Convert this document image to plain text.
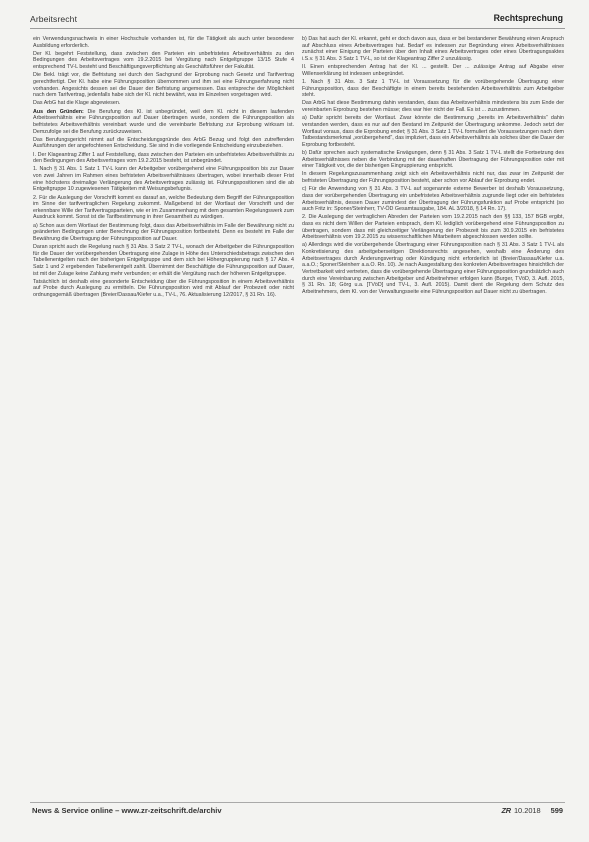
Arbeitsrecht	Rechtsprechung

ein Verwendungsnachweis in einer Hochschule vorhanden ist, für die Tätigkeit als auch unter besonderer Ausbildung erforderlich.

Der Kl. begehrt Feststellung, dass zwischen den Parteien ein unbefristetes Arbeitsverhältnis zu den Bedingungen des Arbeitsvertrages vom 19.2.2015 bei Vergütung nach Entgeltgruppe 13/15 Stufe 4 entsprechend TV-L besteht und Beschäftigungsverpflichtung als Geschäftsführer der Fakultät.

Die Bekl. trägt vor, die Befristung sei durch den Sachgrund der Erprobung nach Gesetz und Tarifvertrag gerechtfertigt. Der Kl. habe eine Führungsposition übernommen und ihm sei eine Führungserfahrung nicht vorhanden. Angesichts dessen sei die Dauer der Befristung angemessen. Das entspreche der Möglichkeit nach dem Tarifvertrag, jedenfalls habe sich der Kl. nicht bewährt, was im Einzelnen vorgetragen wird.

Das ArbG hat die Klage abgewiesen.

Aus den Gründen: Die Berufung des Kl. ist unbegründet, weil dem Kl. nicht in diesem laufenden Arbeitsverhältnis eine Führungsposition auf Dauer übertragen wurde, sondern die Führungsposition als befristetes Arbeitsverhältnis vereinbart wurde und die vereinbarte Befristung zur Erprobung wirksam ist. Demzufolge sei die Berufung zurückzuweisen.

Das Berufungsgericht nimmt auf die Entscheidungsgründe des ArbG Bezug und folgt den zutreffenden Ausführungen der angefochtenen Entscheidung. Sie sind in die vorliegende Entscheidung einzubeziehen.

I. Der Klageantrag Ziffer 1 auf Feststellung, dass zwischen den Parteien ein unbefristetes Arbeitsverhältnis zu den Bedingungen des Arbeitsvertrages vom 19.2.2015 besteht, ist unbegründet.

1. Nach § 31 Abs. 1 Satz 1 TV-L kann der Arbeitgeber vorübergehend eine Führungsposition bis zur Dauer von zwei Jahren im Rahmen eines befristeten Arbeitsverhältnisses übertragen, wobei innerhalb dieser Frist eine höchstens dreimalige Verlängerung des Arbeitsvertrages zulässig ist. Führungspositionen sind die ab Entgeltgruppe 10 zugewiesenen Tätigkeiten mit Weisungsbefugnis.

2. Für die Auslegung der Vorschrift kommt es darauf an, welche Bedeutung dem Begriff der Führungsposition im Sinne der tarifvertraglichen Regelung zukommt. Maßgebend ist der Wortlaut der Vorschrift und der erkennbare Wille der Tarifvertragsparteien, wie er im Zusammenhang mit dem gesamten Regelungswerk zum Ausdruck kommt. Sonst ist die Tarifbestimmung in ihrer Gesamtheit zu würdigen.

a) Schon aus dem Wortlaut der Bestimmung folgt, dass das Arbeitsverhältnis im Falle der Bewährung nicht zu geänderten Bedingungen unter Berechnung der Führungsposition fortbesteht. Denn es besteht im Falle der Bewährung die Übertragung der Führungsposition auf Dauer.

Daran spricht auch die Regelung nach § 31 Abs. 3 Satz 2 TV-L, wonach der Arbeitgeber die Führungsposition für die Dauer der vorübergehenden Übertragung eine Zulage in Höhe des Unterschiedsbetrags zwischen den Tabellenentgelten nach der bisherigen Entgeltgruppe und dem sich bei Höhergruppierung nach § 17 Abs. 4 Satz 1 und 2 ergebenden Tabellenentgelt zahlt. Übernimmt der Beschäftigte die Führungsposition auf Dauer, ist mit der Zulage keine Zahlung mehr verbunden; er erhält die Vergütung nach der höheren Entgeltgruppe.

Tatsächlich ist deshalb eine gesonderte Entscheidung über die Führungsposition in einem Arbeitsverhältnis auf Probe durch Auslegung zu ermitteln. Die Führungsposition wird mit Ablauf der Probezeit oder nicht ordnungsgemäß übertragen (Breier/Dassau/Kiefer u.a., TV-L, 76. Aktualisierung 12/2017, § 31 Rn. 16).

b) Das hat auch der Kl. erkannt, geht er doch davon aus, dass er bei bestandener Bewährung einen Anspruch auf Abschluss eines Arbeitsvertrages hat. Bedarf es indessen zur Begründung eines Arbeitsverhältnisses zunächst einer Einigung der Parteien über den Inhalt eines Arbeitsvertrages oder eines Übertragungsaktes i.S.v. § 31 Abs. 3 Satz 1 TV-L, so ist der Klageantrag Ziffer 2 unzulässig.

II. Einen entsprechenden Antrag hat der Kl. ... gestellt. Der ... zulässige Antrag auf Abgabe einer Willenserklärung ist indessen unbegründet.

1. Nach § 31 Abs. 3 Satz 1 TV-L ist Voraussetzung für die vorübergehende Übertragung einer Führungsposition, dass der Beschäftigte in einem bereits bestehenden Arbeitsverhältnis zum Arbeitgeber steht.

Das ArbG hat diese Bestimmung dahin verstanden, dass das Arbeitsverhältnis mindestens bis zum Ende der vereinbarten Erprobung bestehen müsse; dies war hier nicht der Fall. Es ist ... zuzustimmen.

a) Dafür spricht bereits der Wortlaut. Zwar könnte die Bestimmung „bereits im Arbeitsverhältnis“ dahin verstanden werden, dass es nur auf den Bestand im Zeitpunkt der Übertragung ankomme. Jedoch setzt der Wortlaut voraus, dass die Erprobung endet; § 31 Abs. 3 Satz 1 TV-L formuliert die Voraussetzungen nach dem Tatbestandsmerkmal „vorübergehend“, das impliziert, dass ein Arbeitsverhältnis als solches über die Dauer der Erprobung fortbesteht.

b) Dafür sprechen auch systematische Erwägungen, denn § 31 Abs. 3 Satz 1 TV-L stellt die Fortsetzung des Arbeitsverhältnisses neben die Verbindung mit der dauerhaften Übertragung der Führungsposition oder mit einer Tätigkeit vor, die der bisherigen Eingruppierung entspricht.

In diesem Regelungszusammenhang zeigt sich ein Arbeitsverhältnis nicht nur, das zwar im Zeitpunkt der befristeten Übertragung der Führungsposition besteht, aber schon vor Ablauf der Erprobung endet.

c) Für die Anwendung von § 31 Abs. 3 TV-L auf sogenannte externe Bewerber ist deshalb Voraussetzung, dass der vorübergehenden Übertragung ein unbefristetes Arbeitsverhältnis zugrunde liegt oder ein befristetes Arbeitsverhältnis, dessen Dauer zumindest der Übertragung der Führungsfunktion auf Probe entspricht (so auch Fritz in: Sponer/Steinherr, TV-ÖD Gesamtausgabe, 184. AL 3/2018, § 14 Rn. 17).

2. Die Auslegung der vertraglichen Abreden der Parteien vom 19.2.2015 nach den §§ 133, 157 BGB ergibt, dass es nicht dem Willen der Parteien entsprach, dem Kl. lediglich vorübergehend eine Führungsposition zu übertragen, sondern dass mit gleichzeitiger Verlängerung der Probezeit bis zum 30.9.2015 ein befristetes Arbeitsverhältnis vom 19.2.2015 zu wissenschaftlichen Mitarbeitern abgeschlossen werden sollte.

a) Allerdings wird die vorübergehende Übertragung einer Führungsposition nach § 31 Abs. 3 Satz 1 TV-L als Konkretisierung des arbeitgeberseitigen Direktionsrechts angesehen, weshalb eine Änderung des Arbeitsvertrages durch Änderungsvertrag oder Kündigung nicht erforderlich ist (Breier/Dassau/Kiefer u.a. a.a.O.; Sponer/Steinherr a.a.O. Rn. 10). Je nach Ausgestaltung des konkreten Arbeitsvertrages hinsichtlich der Vertretbarkeit wird vertreten, dass die vorübergehende Übertragung einer Führungsposition grundsätzlich auch durch eine Vereinbarung zwischen Arbeitgeber und Arbeitnehmer erfolgen kann (Burger, TVöD, 3. Aufl. 2015, § 31 Rn. 18; Görg u.a. [TVöD] und TV-L, 3. Aufl. 2015). Damit dient die Regelung dem Schutz des Arbeitnehmers, dem Kl. von der Verwaltungsseite eine Führungsposition auf Dauer nicht zu übertragen.

News & Service online – www.zr-zeitschrift.de/archiv	ZR 10.2018 599
